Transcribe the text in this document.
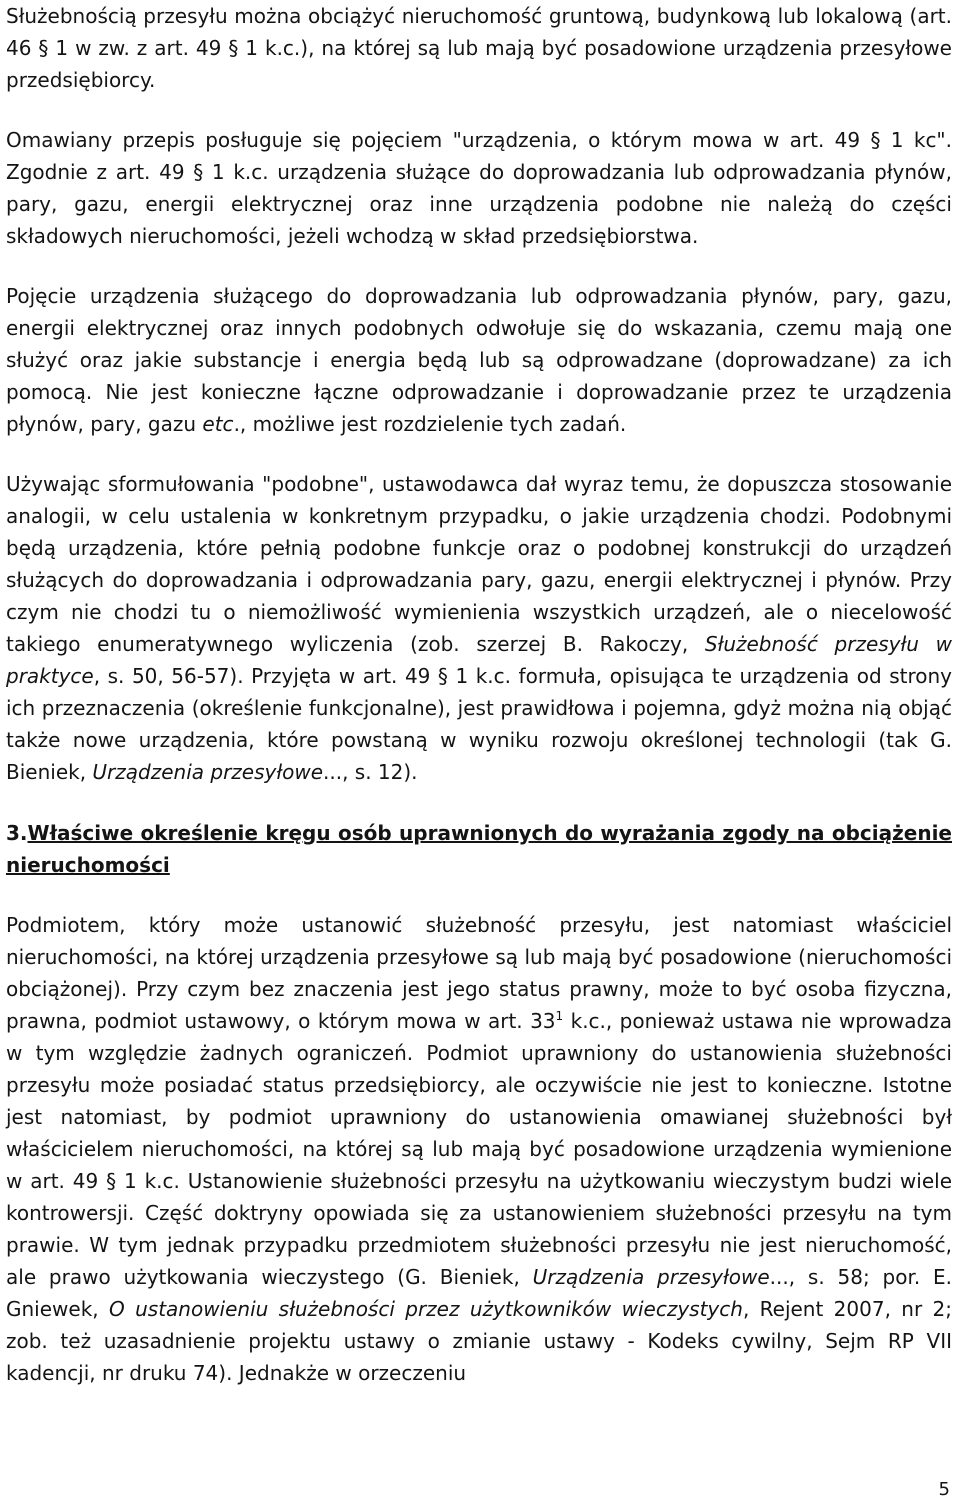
Służebnością przesyłu można obciążyć nieruchomość gruntową, budynkową lub lokalową (art. 46 § 1 w zw. z art. 49 § 1 k.c.), na której są lub mają być posadowione urządzenia przesyłowe przedsiębiorcy.

Omawiany przepis posługuje się pojęciem "urządzenia, o którym mowa w art. 49 § 1 kc". Zgodnie z art. 49 § 1 k.c. urządzenia służące do doprowadzania lub odprowadzania płynów, pary, gazu, energii elektrycznej oraz inne urządzenia podobne nie należą do części składowych nieruchomości, jeżeli wchodzą w skład przedsiębiorstwa.

Pojęcie urządzenia służącego do doprowadzania lub odprowadzania płynów, pary, gazu, energii elektrycznej oraz innych podobnych odwołuje się do wskazania, czemu mają one służyć oraz jakie substancje i energia będą lub są odprowadzane (doprowadzane) za ich pomocą. Nie jest konieczne łączne odprowadzanie i doprowadzanie przez te urządzenia płynów, pary, gazu etc., możliwe jest rozdzielenie tych zadań.

Używając sformułowania "podobne", ustawodawca dał wyraz temu, że dopuszcza stosowanie analogii, w celu ustalenia w konkretnym przypadku, o jakie urządzenia chodzi. Podobnymi będą urządzenia, które pełnią podobne funkcje oraz o podobnej konstrukcji do urządzeń służących do doprowadzania i odprowadzania pary, gazu, energii elektrycznej i płynów. Przy czym nie chodzi tu o niemożliwość wymienienia wszystkich urządzeń, ale o niecelowość takiego enumeratywnego wyliczenia (zob. szerzej B. Rakoczy, Służebność przesyłu w praktyce, s. 50, 56-57). Przyjęta w art. 49 § 1 k.c. formuła, opisująca te urządzenia od strony ich przeznaczenia (określenie funkcjonalne), jest prawidłowa i pojemna, gdyż można nią objąć także nowe urządzenia, które powstaną w wyniku rozwoju określonej technologii (tak G. Bieniek, Urządzenia przesyłowe..., s. 12).

3.Właściwe określenie kręgu osób uprawnionych do wyrażania zgody na obciążenie nieruchomości

Podmiotem, który może ustanowić służebność przesyłu, jest natomiast właściciel nieruchomości, na której urządzenia przesyłowe są lub mają być posadowione (nieruchomości obciążonej). Przy czym bez znaczenia jest jego status prawny, może to być osoba fizyczna, prawna, podmiot ustawowy, o którym mowa w art. $33^1$ k.c., ponieważ ustawa nie wprowadza w tym względzie żadnych ograniczeń. Podmiot uprawniony do ustanowienia służebności przesyłu może posiadać status przedsiębiorcy, ale oczywiście nie jest to konieczne. Istotne jest natomiast, by podmiot uprawniony do ustanowienia omawianej służebności był właścicielem nieruchomości, na której są lub mają być posadowione urządzenia wymienione w art. 49 § 1 k.c. Ustanowienie służebności przesyłu na użytkowaniu wieczystym budzi wiele kontrowersji. Część doktryny opowiada się za ustanowieniem służebności przesyłu na tym prawie. W tym jednak przypadku przedmiotem służebności przesyłu nie jest nieruchomość, ale prawo użytkowania wieczystego (G. Bieniek, Urządzenia przesyłowe..., s. 58; por. E. Gniewek, O ustanowieniu służebności przez użytkowników wieczystych, Rejent 2007, nr 2; zob. też uzasadnienie projektu ustawy o zmianie ustawy - Kodeks cywilny, Sejm RP VII kadencji, nr druku 74). Jednakże w orzeczeniu

5
